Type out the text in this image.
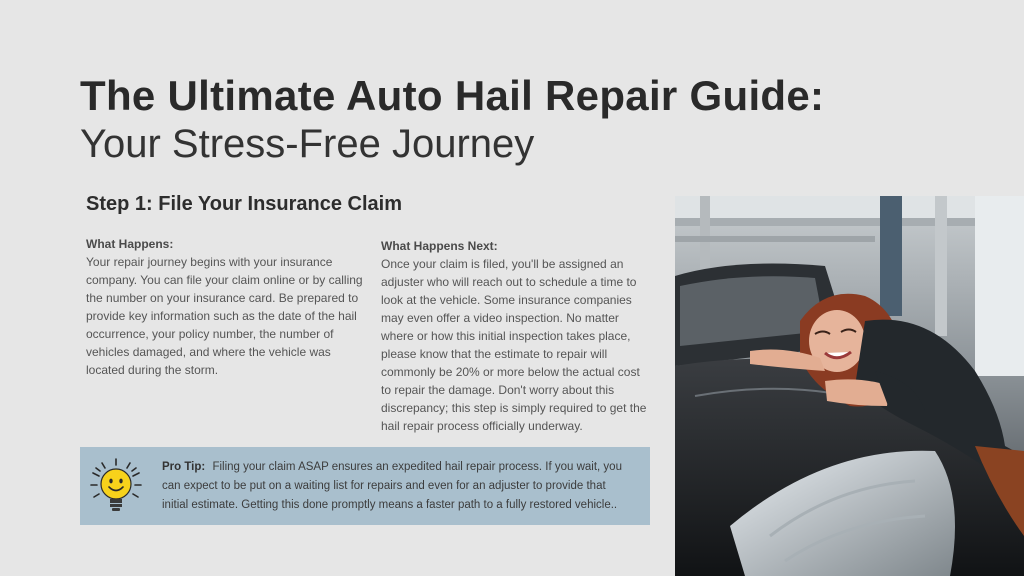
The Ultimate Auto Hail Repair Guide:
Your Stress-Free Journey
Step 1: File Your Insurance Claim
What Happens:

Your repair journey begins with your insurance company. You can file your claim online or by calling the number on your insurance card. Be prepared to provide key information such as the date of the hail occurrence, your policy number, the number of vehicles damaged, and where the vehicle was located during the storm.

What Happens Next:

Once your claim is filed, you'll be assigned an adjuster who will reach out to schedule a time to look at the vehicle. Some insurance companies may even offer a video inspection. No matter where or how this initial inspection takes place, please know that the estimate to repair will commonly be 20% or more below the actual cost to repair the damage. Don't worry about this discrepancy; this step is simply required to get the hail repair process officially underway.

Pro Tip: Filing your claim ASAP ensures an expedited hail repair process. If you wait, you can expect to be put on a waiting list for repairs and even for an adjuster to provide that initial estimate. Getting this done promptly means a faster path to a fully restored vehicle..
